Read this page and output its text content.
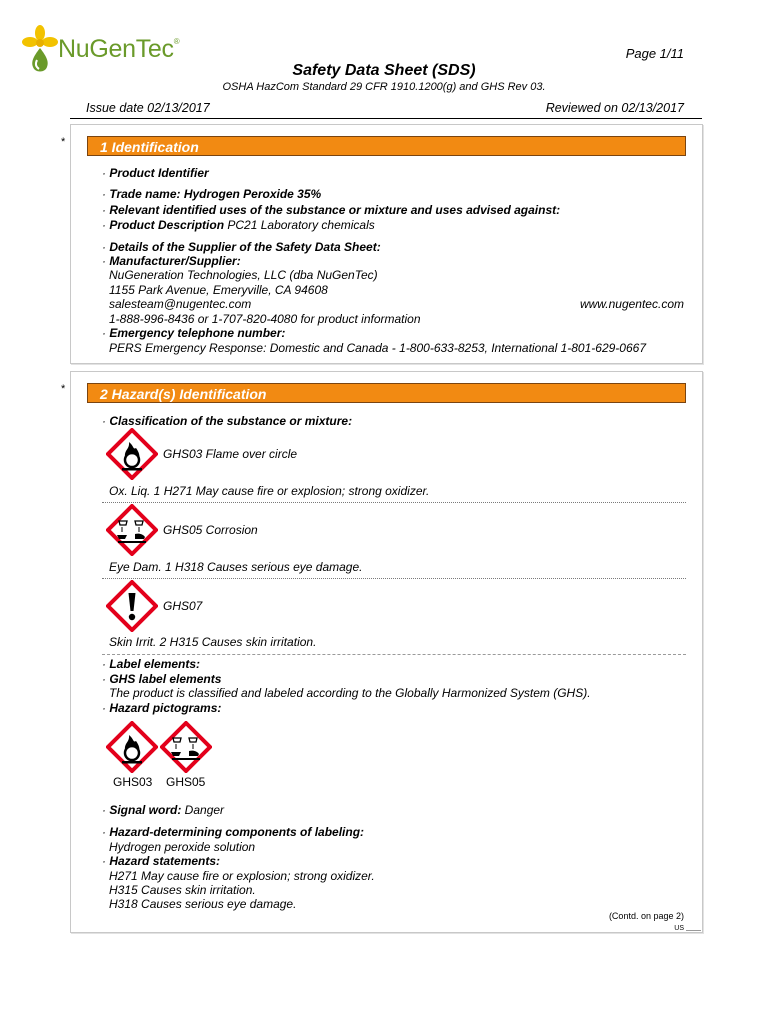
NuGenTec®
Page 1/11
Safety Data Sheet (SDS)
OSHA HazCom Standard 29 CFR 1910.1200(g) and GHS Rev 03.
Issue date 02/13/2017	Reviewed on 02/13/2017
*	1 Identification
· Product Identifier
· Trade name: Hydrogen Peroxide 35%
· Relevant identified uses of the substance or mixture and uses advised against:
· Product Description PC21 Laboratory chemicals
· Details of the Supplier of the Safety Data Sheet:
· Manufacturer/Supplier:
NuGeneration Technologies, LLC (dba NuGenTec)
1155 Park Avenue, Emeryville, CA 94608
salesteam@nugentec.com	www.nugentec.com
1-888-996-8436 or 1-707-820-4080 for product information
· Emergency telephone number:
PERS Emergency Response: Domestic and Canada - 1-800-633-8253, International 1-801-629-0667
*	2 Hazard(s) Identification
· Classification of the substance or mixture:
GHS03 Flame over circle
Ox. Liq. 1 H271 May cause fire or explosion; strong oxidizer.
GHS05 Corrosion
Eye Dam. 1 H318 Causes serious eye damage.
GHS07
Skin Irrit. 2 H315 Causes skin irritation.
· Label elements:
· GHS label elements
The product is classified and labeled according to the Globally Harmonized System (GHS).
· Hazard pictograms:
GHS03 GHS05
· Signal word: Danger
· Hazard-determining components of labeling:
Hydrogen peroxide solution
· Hazard statements:
H271 May cause fire or explosion; strong oxidizer.
H315 Causes skin irritation.
H318 Causes serious eye damage.
(Contd. on page 2)
US
